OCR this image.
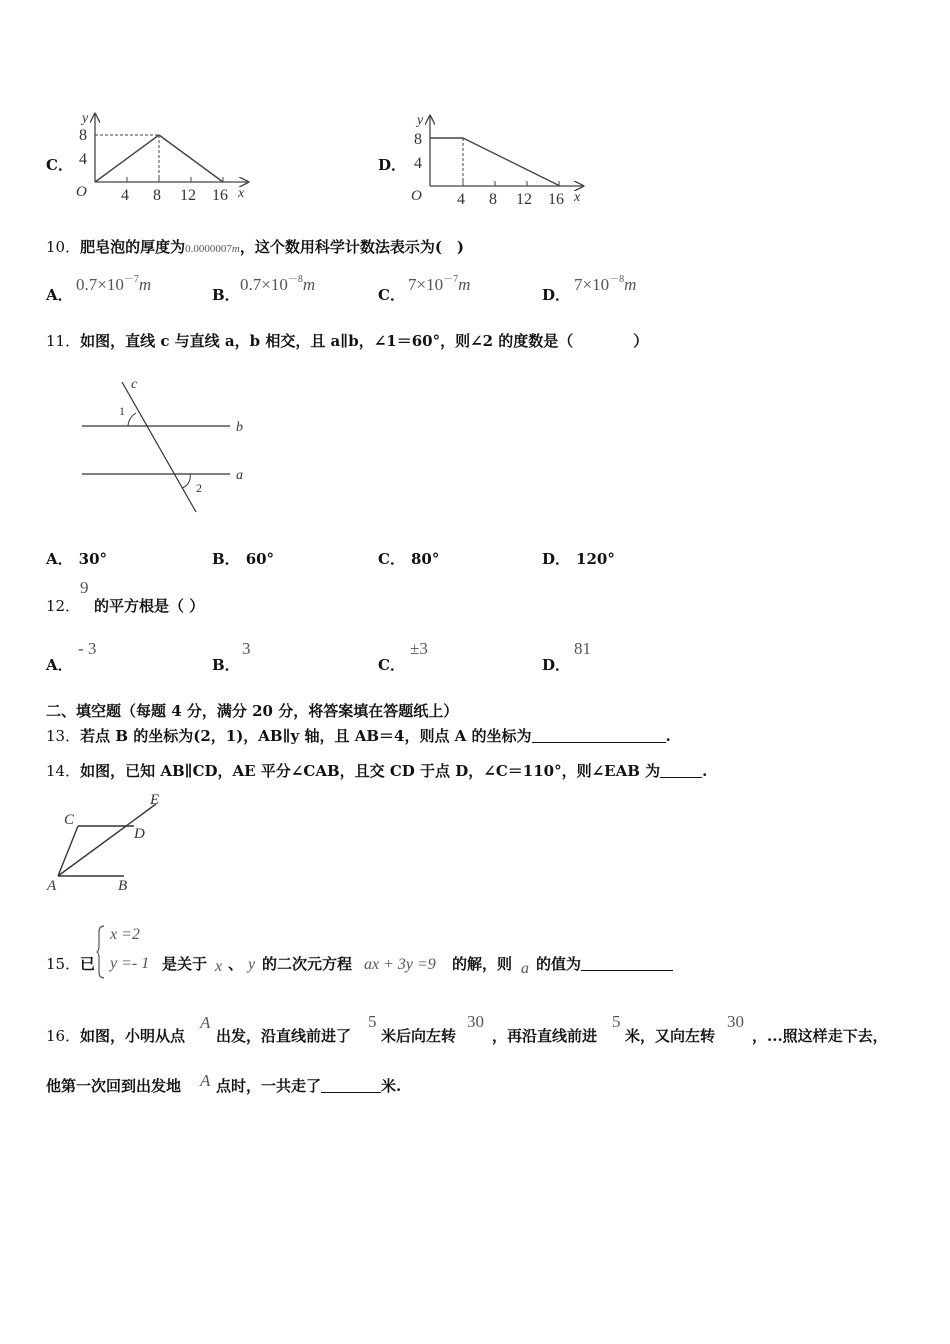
C．
y
8
4
O 4 8 12 16 x
D．
y
8
4
O 4 8 12 16 x
10．肥皂泡的厚度为0.0000007m，这个数用科学计数法表示为(　)
A．
$0.7\times 10^{-7}m$
B．
$0.7\times 10^{-8}m$
C．
$7\times 10^{-7}m$
D．
$7\times 10^{-8}m$
11．如图，直线 c 与直线 a，b 相交，且 a∥b，∠1＝60°，则∠2 的度数是（　　　　）
c
b
a
1
2
A． 30°	B． 60°	C． 80°	D． 120°
12．
9
的平方根是（ ）
A．
- 3
B．
3
C．
±3
D．
81
二、填空题（每题 4 分，满分 20 分，将答案填在答题纸上）
13．若点 B 的坐标为(2，1)，AB∥y 轴，且 AB＝4，则点 A 的坐标为	.
14．如图，已知 AB∥CD，AE 平分∠CAB，且交 CD 于点 D，∠C＝110°，则∠EAB 为	.
A	B
C
D
E
15． 已
x =2
y =- 1 是关于 x 、 y 的二次元方程 ax + 3y =9 的解，则 a 的值为
16． 如图，小明从点
A
出发，沿直线前进了
5
米后向左转
30
，再沿直线前进
5
米，又向左转
30
，...照这样走下去，
他第一次回到出发地 A 点时，一共走了	米.
